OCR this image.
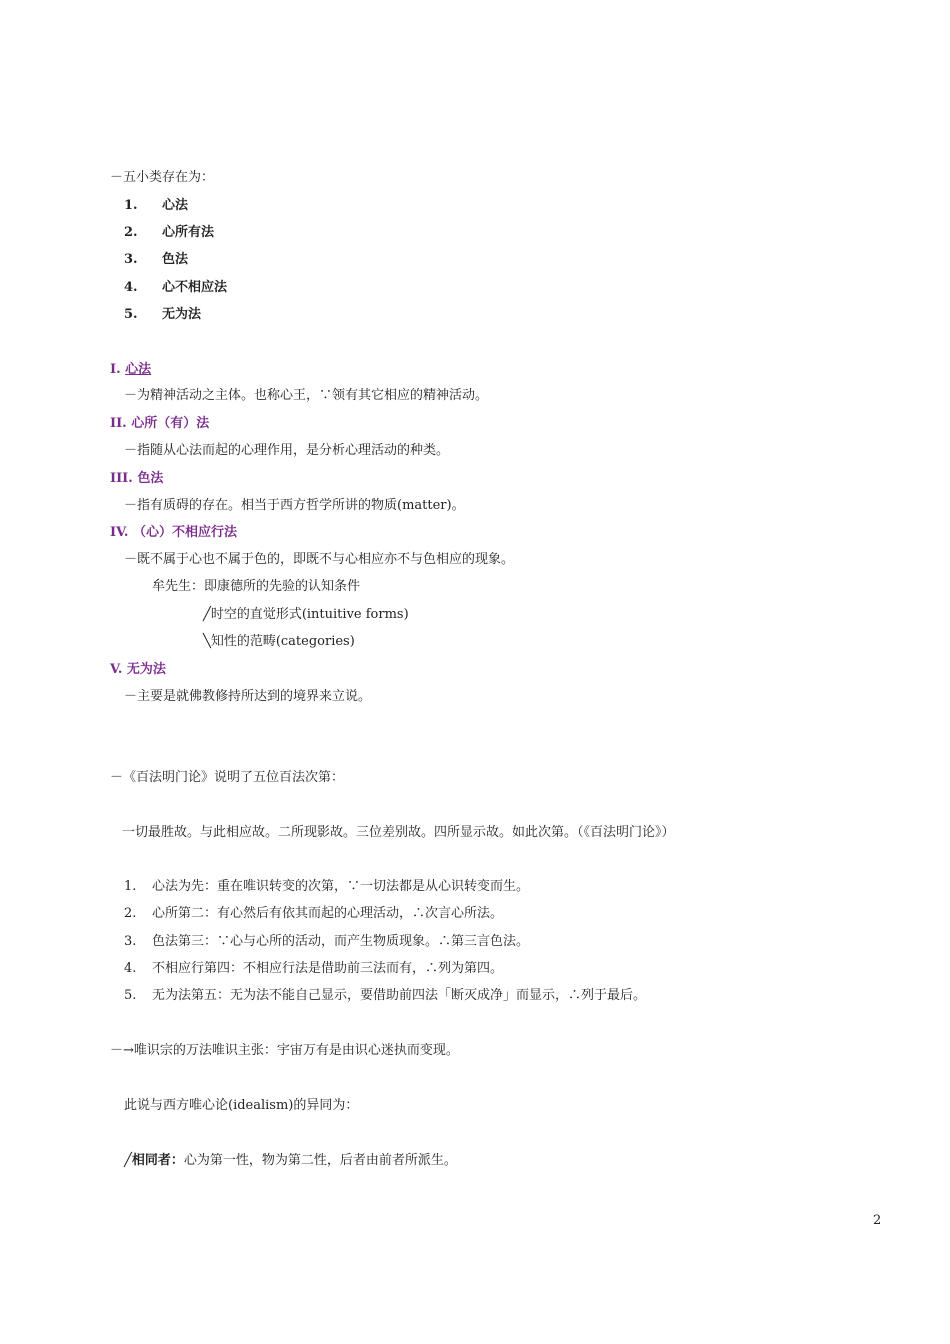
－五小类存在为：
1. 心法
2. 心所有法
3. 色法
4. 心不相应法
5. 无为法
I. 心法
－为精神活动之主体。也称心王，∵领有其它相应的精神活动。
II. 心所（有）法
－指随从心法而起的心理作用，是分析心理活动的种类。
III. 色法
－指有质碍的存在。相当于西方哲学所讲的物质(matter)。
IV. （心）不相应行法
－既不属于心也不属于色的，即既不与心相应亦不与色相应的现象。
牟先生：即康德所的先验的认知条件
╱时空的直觉形式(intuitive forms)
╲知性的范畴(categories)
V. 无为法
－主要是就佛教修持所达到的境界来立说。
－《百法明门论》说明了五位百法次第：
一切最胜故。与此相应故。二所现影故。三位差别故。四所显示故。如此次第。（《百法明门论》）
1. 心法为先：重在唯识转变的次第，∵一切法都是从心识转变而生。
2. 心所第二：有心然后有依其而起的心理活动，∴次言心所法。
3. 色法第三：∵心与心所的活动，而产生物质现象。∴第三言色法。
4. 不相应行第四：不相应行法是借助前三法而有，∴列为第四。
5. 无为法第五：无为法不能自己显示，要借助前四法「断灭成净」而显示，∴列于最后。
－→唯识宗的万法唯识主张：宇宙万有是由识心迷执而变现。
此说与西方唯心论(idealism)的异同为：
╱相同者：心为第一性，物为第二性，后者由前者所派生。
2
